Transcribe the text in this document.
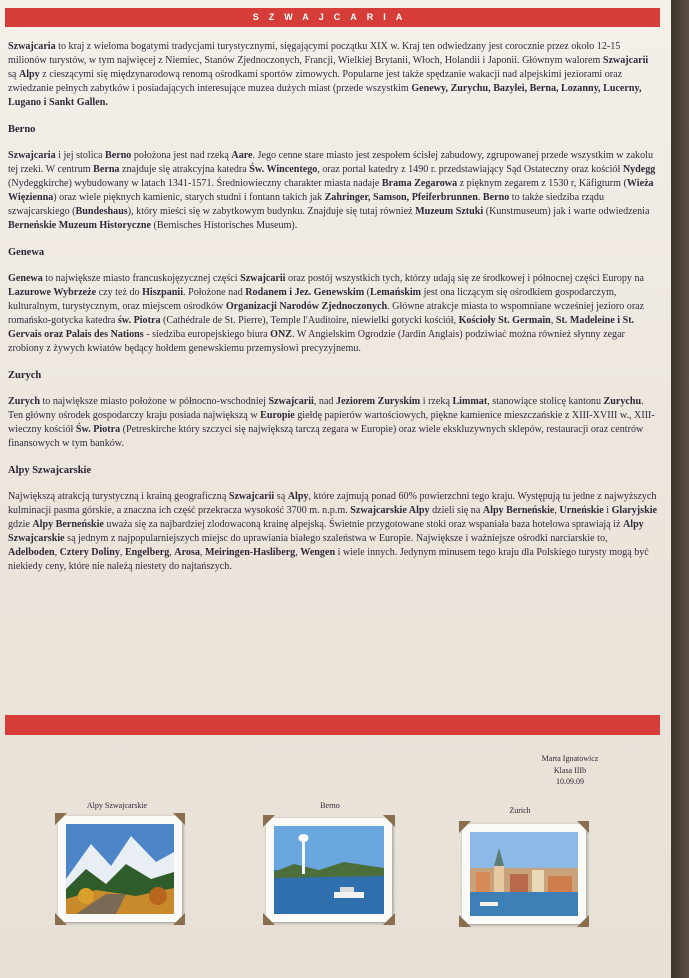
SZWAJCARIA

Szwajcaria to kraj z wieloma bogatymi tradycjami turystycznymi, sięgającymi początku XIX w. Kraj ten odwiedzany jest corocznie przez około 12-15 milionów turystów, w tym najwięcej z Niemiec, Stanów Zjednoczonych, Francji, Wielkiej Brytanii, Włoch, Holandii i Japonii. Głównym walorem Szwajcarii są Alpy z cieszącymi się międzynarodową renomą ośrodkami sportów zimowych. Popularne jest także spędzanie wakacji nad alpejskimi jeziorami oraz zwiedzanie pełnych zabytków i posiadających interesujące muzea dużych miast (przede wszystkim Genewy, Zurychu, Bazylei, Berna, Lozanny, Lucerny, Lugano i Sankt Gallen.

Berno

Szwajcaria i jej stolica Berno położona jest nad rzeką Aare. Jego cenne stare miasto jest zespołem ścisłej zabudowy, zgrupowanej przede wszystkim w zakolu tej rzeki. W centrum Berna znajduje się atrakcyjna katedra Św. Wincentego, oraz portal katedry z 1490 r. przedstawiający Sąd Ostateczny oraz kościół Nydegg (Nydeggkirche) wybudowany w latach 1341-1571. Średniowieczny charakter miasta nadaje Brama Zegarowa z pięknym zegarem z 1530 r, Käfigturm (Wieża Więzienna) oraz wiele pięknych kamienic, starych studni i fontann takich jak Zahringer, Samson, Pfeiferbrunnen. Berno to także siedziba rządu szwajcarskiego (Bundeshaus), który mieści się w zabytkowym budynku. Znajduje się tutaj również Muzeum Sztuki (Kunstmuseum) jak i warte odwiedzenia Berneńskie Muzeum Historyczne (Bernisches Historisches Museum).

Genewa

Genewa to największe miasto francuskojęzycznej części Szwajcarii oraz postój wszystkich tych, którzy udają się ze środkowej i północnej części Europy na Lazurowe Wybrzeże czy też do Hiszpanii. Położone nad Rodanem i Jez. Genewskim (Lemańskim jest ona liczącym się ośrodkiem gospodarczym, kulturalnym, turystycznym, oraz miejscem ośrodków Organizacji Narodów Zjednoczonych. Główne atrakcje miasta to wspomniane wcześniej jezioro oraz romańsko-gotycka katedra św. Piotra (Cathédrale de St. Pierre), Temple l'Auditoire, niewielki gotycki kościół, Kościoły St. Germain, St. Madeleine i St. Gervais oraz Palais des Nations - siedziba europejskiego biura ONZ. W Angielskim Ogrodzie (Jardin Anglais) podziwiać można również słynny zegar zrobiony z żywych kwiatów będący hołdem genewskiemu przemysłowi precyzyjnemu.

Zurych

Zurych to największe miasto położone w północno-wschodniej Szwajcarii, nad Jeziorem Zuryskim i rzeką Limmat, stanowiące stolicę kantonu Zurychu. Ten główny ośrodek gospodarczy kraju posiada największą w Europie giełdę papierów wartościowych, piękne kamienice mieszczańskie z XIII-XVIII w., XIII-wieczny kościół Św. Piotra (Petreskirche który szczyci się największą tarczą zegara w Europie) oraz wiele ekskluzywnych sklepów, restauracji oraz centrów finansowych w tym banków.

Alpy Szwajcarskie

Największą atrakcją turystyczną i krainą geograficzną Szwajcarii są Alpy, które zajmują ponad 60% powierzchni tego kraju. Występują tu jedne z najwyższych kulminacji pasma górskie, a znaczna ich część przekracza wysokość 3700 m. n.p.m. Szwajcarskie Alpy dzieli się na Alpy Berneńskie, Urneńskie i Glaryjskie gdzie Alpy Berneńskie uważa się za najbardziej zlodowaconą krainę alpejską. Świetnie przygotowane stoki oraz wspaniała baza hotelowa sprawiają iż Alpy Szwajcarskie są jednym z najpopularniejszych miejsc do uprawiania białego szaleństwa w Europie. Największe i ważniejsze ośrodki narciarskie to, Adelboden, Cztery Doliny, Engelberg, Arosa, Meiringen-Hasliberg, Wengen i wiele innych. Jedynym minusem tego kraju dla Polskiego turysty mogą być niekiedy ceny, które nie należą niestety do najtańszych.

Marta Ignatowicz
Klasa IIIb
10.09.09
Alpy Szwajcarskie	Berno
Zurich
